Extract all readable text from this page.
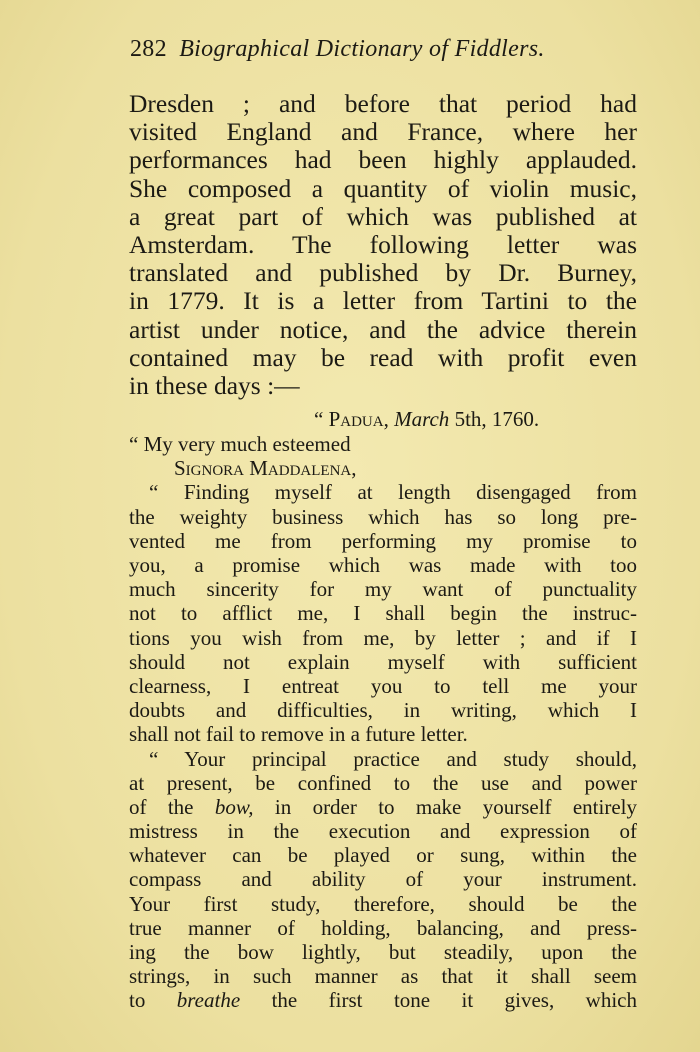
282 Biographical Dictionary of Fiddlers.
Dresden ; and before that period had
visited England and France, where her
performances had been highly applauded.
She composed a quantity of violin music,
a great part of which was published at
Amsterdam. The following letter was
translated and published by Dr. Burney,
in 1779. It is a letter from Tartini to the
artist under notice, and the advice therein
contained may be read with profit even
in these days :—
“ Padua, March 5th, 1760.
“ My very much esteemed
Signora Maddalena,
“ Finding myself at length disengaged from
the weighty business which has so long pre-
vented me from performing my promise to
you, a promise which was made with too
much sincerity for my want of punctuality
not to afflict me, I shall begin the instruc-
tions you wish from me, by letter ; and if I
should not explain myself with sufficient
clearness, I entreat you to tell me your
doubts and difficulties, in writing, which I
shall not fail to remove in a future letter.
“ Your principal practice and study should,
at present, be confined to the use and power
of the bow, in order to make yourself entirely
mistress in the execution and expression of
whatever can be played or sung, within the
compass and ability of your instrument.
Your first study, therefore, should be the
true manner of holding, balancing, and press-
ing the bow lightly, but steadily, upon the
strings, in such manner as that it shall seem
to breathe the first tone it gives, which
